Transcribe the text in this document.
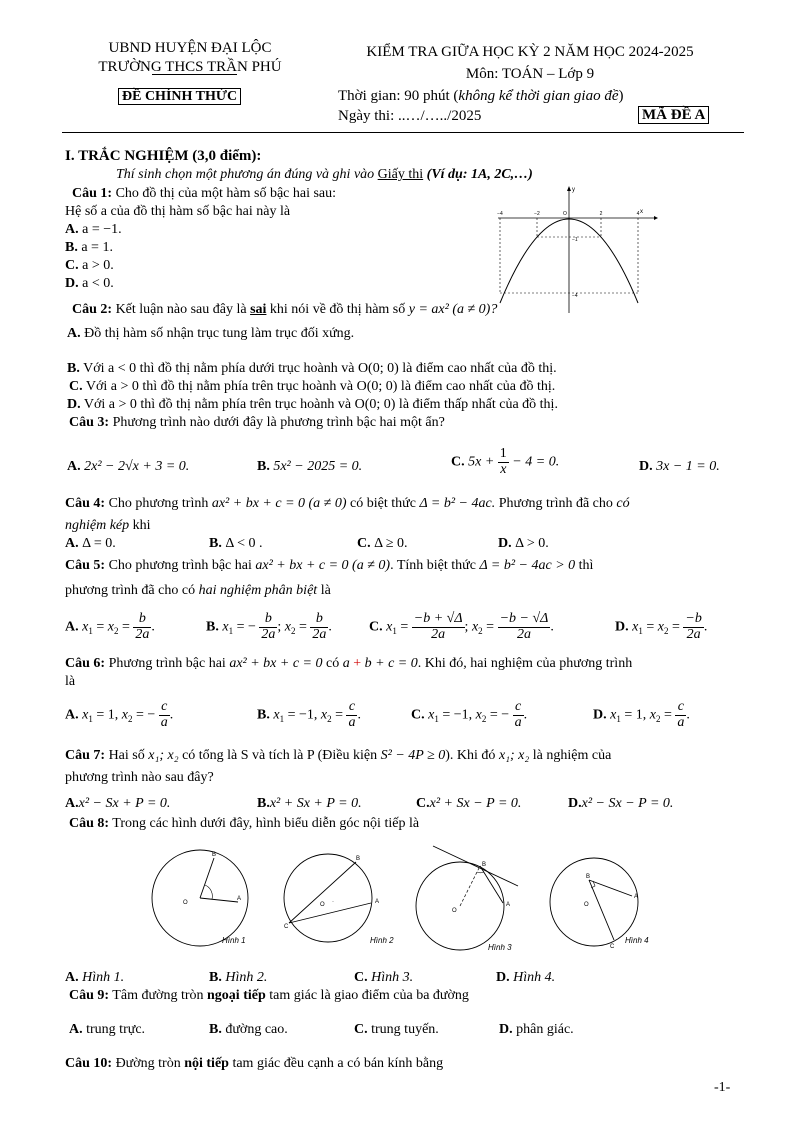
UBND HUYỆN ĐẠI LỘC
TRƯỜNG THCS TRẦN PHÚ
ĐỀ CHÍNH THỨC
KIỂM TRA GIỮA HỌC KỲ 2 NĂM HỌC 2024-2025
Môn: TOÁN – Lớp 9
Thời gian: 90 phút (không kể thời gian giao đề)
Ngày thi: ..…/…../2025	MÃ ĐỀ A
I. TRẮC NGHIỆM (3,0 điểm):
Thí sinh chọn một phương án đúng và ghi vào Giấy thi (Ví dụ: 1A, 2C,…)
Câu 1: Cho đồ thị của một hàm số bậc hai sau:
Hệ số a của đồ thị hàm số bậc hai này là
A. a = −1.
B. a = 1.
C. a > 0.
D. a < 0.
x
y
−4	−2	O	2	4
−1
−4
Câu 2: Kết luận nào sau đây là sai khi nói về đồ thị hàm số y = ax² (a ≠ 0)?
A. Đồ thị hàm số nhận trục tung làm trục đối xứng.
B. Với a < 0 thì đồ thị nằm phía dưới trục hoành và O(0; 0) là điểm cao nhất của đồ thị.
C. Với a > 0 thì đồ thị nằm phía trên trục hoành và O(0; 0) là điểm cao nhất của đồ thị.
D. Với a > 0 thì đồ thị nằm phía trên trục hoành và O(0; 0) là điểm thấp nhất của đồ thị.
Câu 3: Phương trình nào dưới đây là phương trình bậc hai một ẩn?
A. 2x² − 2√x + 3 = 0.	B. 5x² − 2025 = 0.	C. $5x + \frac{1}{x} - 4 = 0$.	D. 3x − 1 = 0.
Câu 4: Cho phương trình ax² + bx + c = 0 (a ≠ 0) có biệt thức Δ = b² − 4ac. Phương trình đã cho có
nghiệm kép khi
A. Δ = 0.	B. Δ < 0 .	C. Δ ≥ 0.	D. Δ > 0.
Câu 5: Cho phương trình bậc hai ax² + bx + c = 0 (a ≠ 0). Tính biệt thức Δ = b² − 4ac > 0 thì
phương trình đã cho có hai nghiệm phân biệt là
A. $x_1 = x_2 = \frac{b}{2a}$ .	B. $x_1$ = − $\frac{b}{2a}$ ; $x_2 = \frac{b}{2a}$ .	C. $x_1 = \frac{-b + √\Delta}{2a}$ ; $x_2 = \frac{-b - √\Delta}{2a}$ .	D. $x_1 = x_2 = \frac{-b}{2a}$ .
Câu 6: Phương trình bậc hai ax² + bx + c = 0 có a + b + c = 0. Khi đó, hai nghiệm của phương trình
là
A. $x_1 = 1$, $x_2$ = − $\frac{c}{a}$ .	B. $x_1 = -1$, $x_2 = \frac{c}{a}$ .	C. $x_1 = -1$, $x_2$ = − $\frac{c}{a}$ .	D. $x_1 = 1$, $x_2 = \frac{c}{a}$ .
Câu 7: Hai số x₁; x₂ có tổng là S và tích là P (Điều kiện S² − 4P ≥ 0). Khi đó x₁; x₂ là nghiệm của
phương trình nào sau đây?
A.x² − Sx + P = 0.	B.x² + Sx + P = 0.	C.x² + Sx − P = 0.	D.x² − Sx − P = 0.
Câu 8: Trong các hình dưới đây, hình biểu diễn góc nội tiếp là
O
B
A
Hình 1
O ·
B
A
C
Hình 2
O
B
A
Hình 3
O
B
A
C
Hình 4
A. Hình 1.	B. Hình 2.	C. Hình 3.	D. Hình 4.
Câu 9: Tâm đường tròn ngoại tiếp tam giác là giao điểm của ba đường
A. trung trực.	B. đường cao.	C. trung tuyến.	D. phân giác.
Câu 10: Đường tròn nội tiếp tam giác đều cạnh a có bán kính bằng
-1-
